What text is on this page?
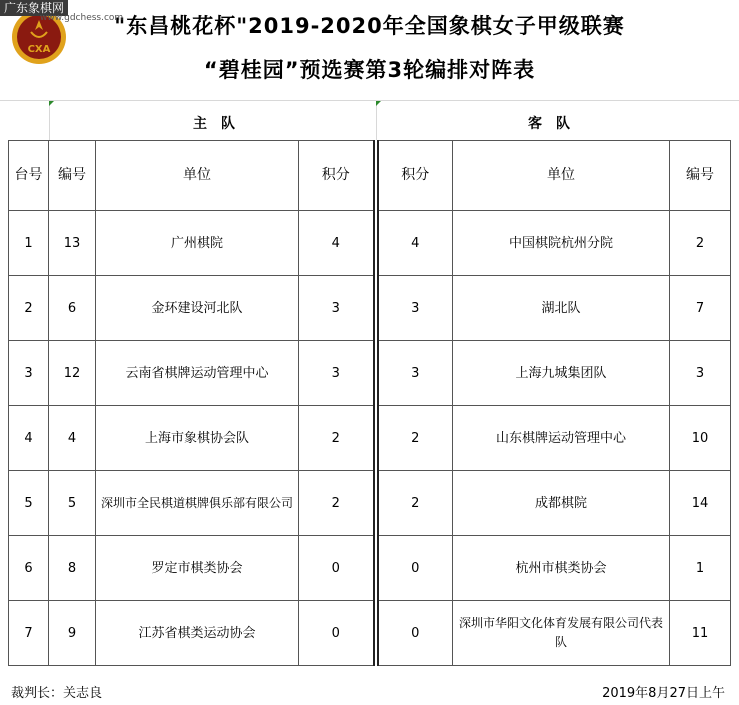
广东象棋网
www.gdchess.com
CXA
"东昌桃花杯"2019-2020年全国象棋女子甲级联赛
“碧桂园”预选赛第3轮编排对阵表
主队	客队
台号	编号	单位	积分		积分	单位	编号
1	13	广州棋院	4		4	中国棋院杭州分院	2
2	6	金环建设河北队	3		3	湖北队	7
3	12	云南省棋牌运动管理中心	3		3	上海九城集团队	3
4	4	上海市象棋协会队	2		2	山东棋牌运动管理中心	10
5	5	深圳市全民棋道棋牌俱乐部有限公司	2		2	成都棋院	14
6	8	罗定市棋类协会	0		0	杭州市棋类协会	1
7	9	江苏省棋类运动协会	0		0	深圳市华阳文化体育发展有限公司代表队	11
裁判长：关志良	2019年8月27日上午
